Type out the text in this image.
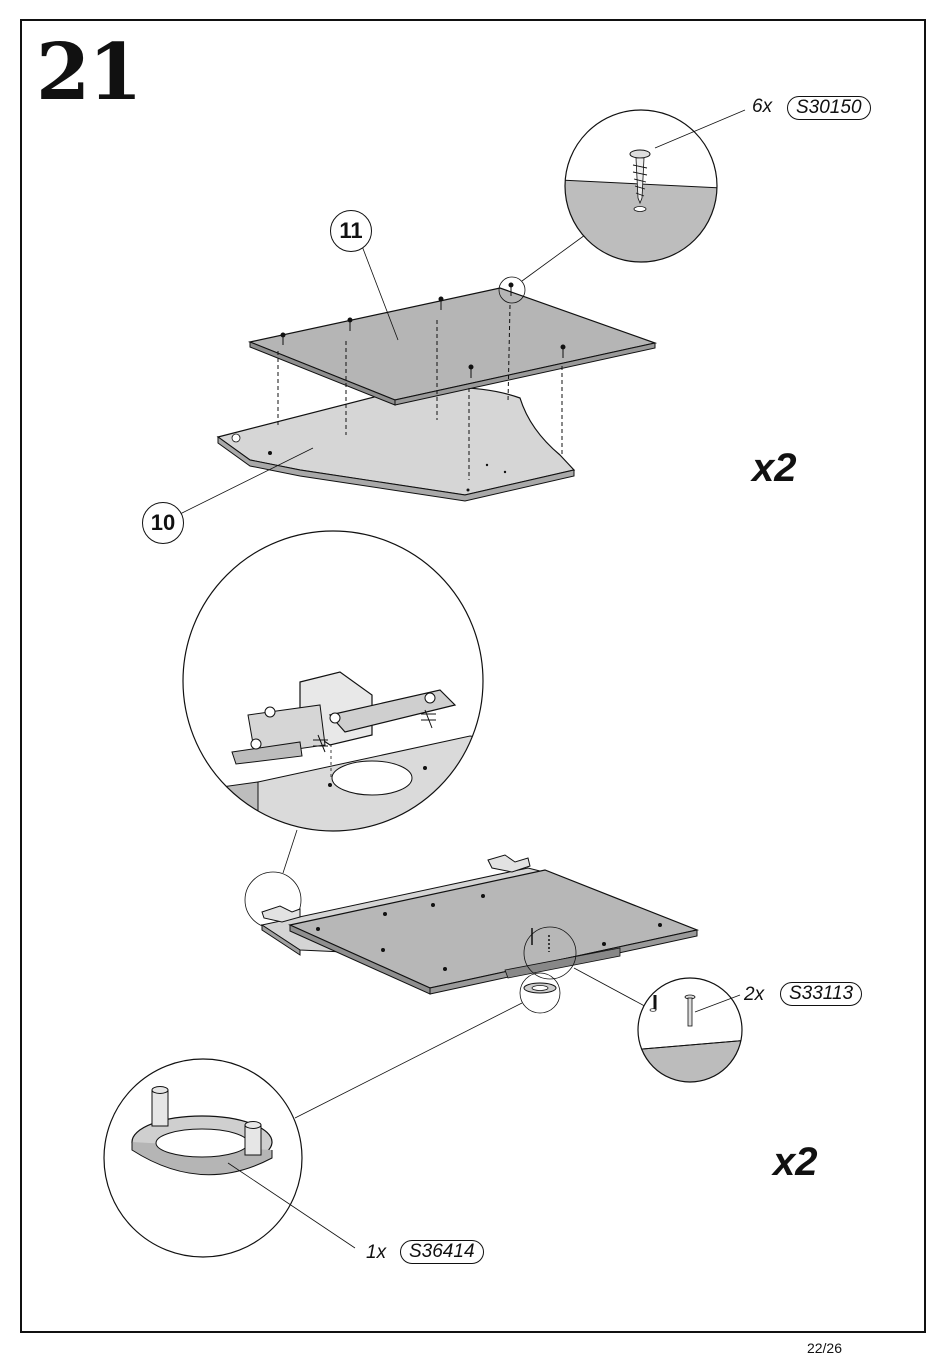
21
11
10
6x	S30150
2x	S33113
1x	S36414
x2
x2
22/26
